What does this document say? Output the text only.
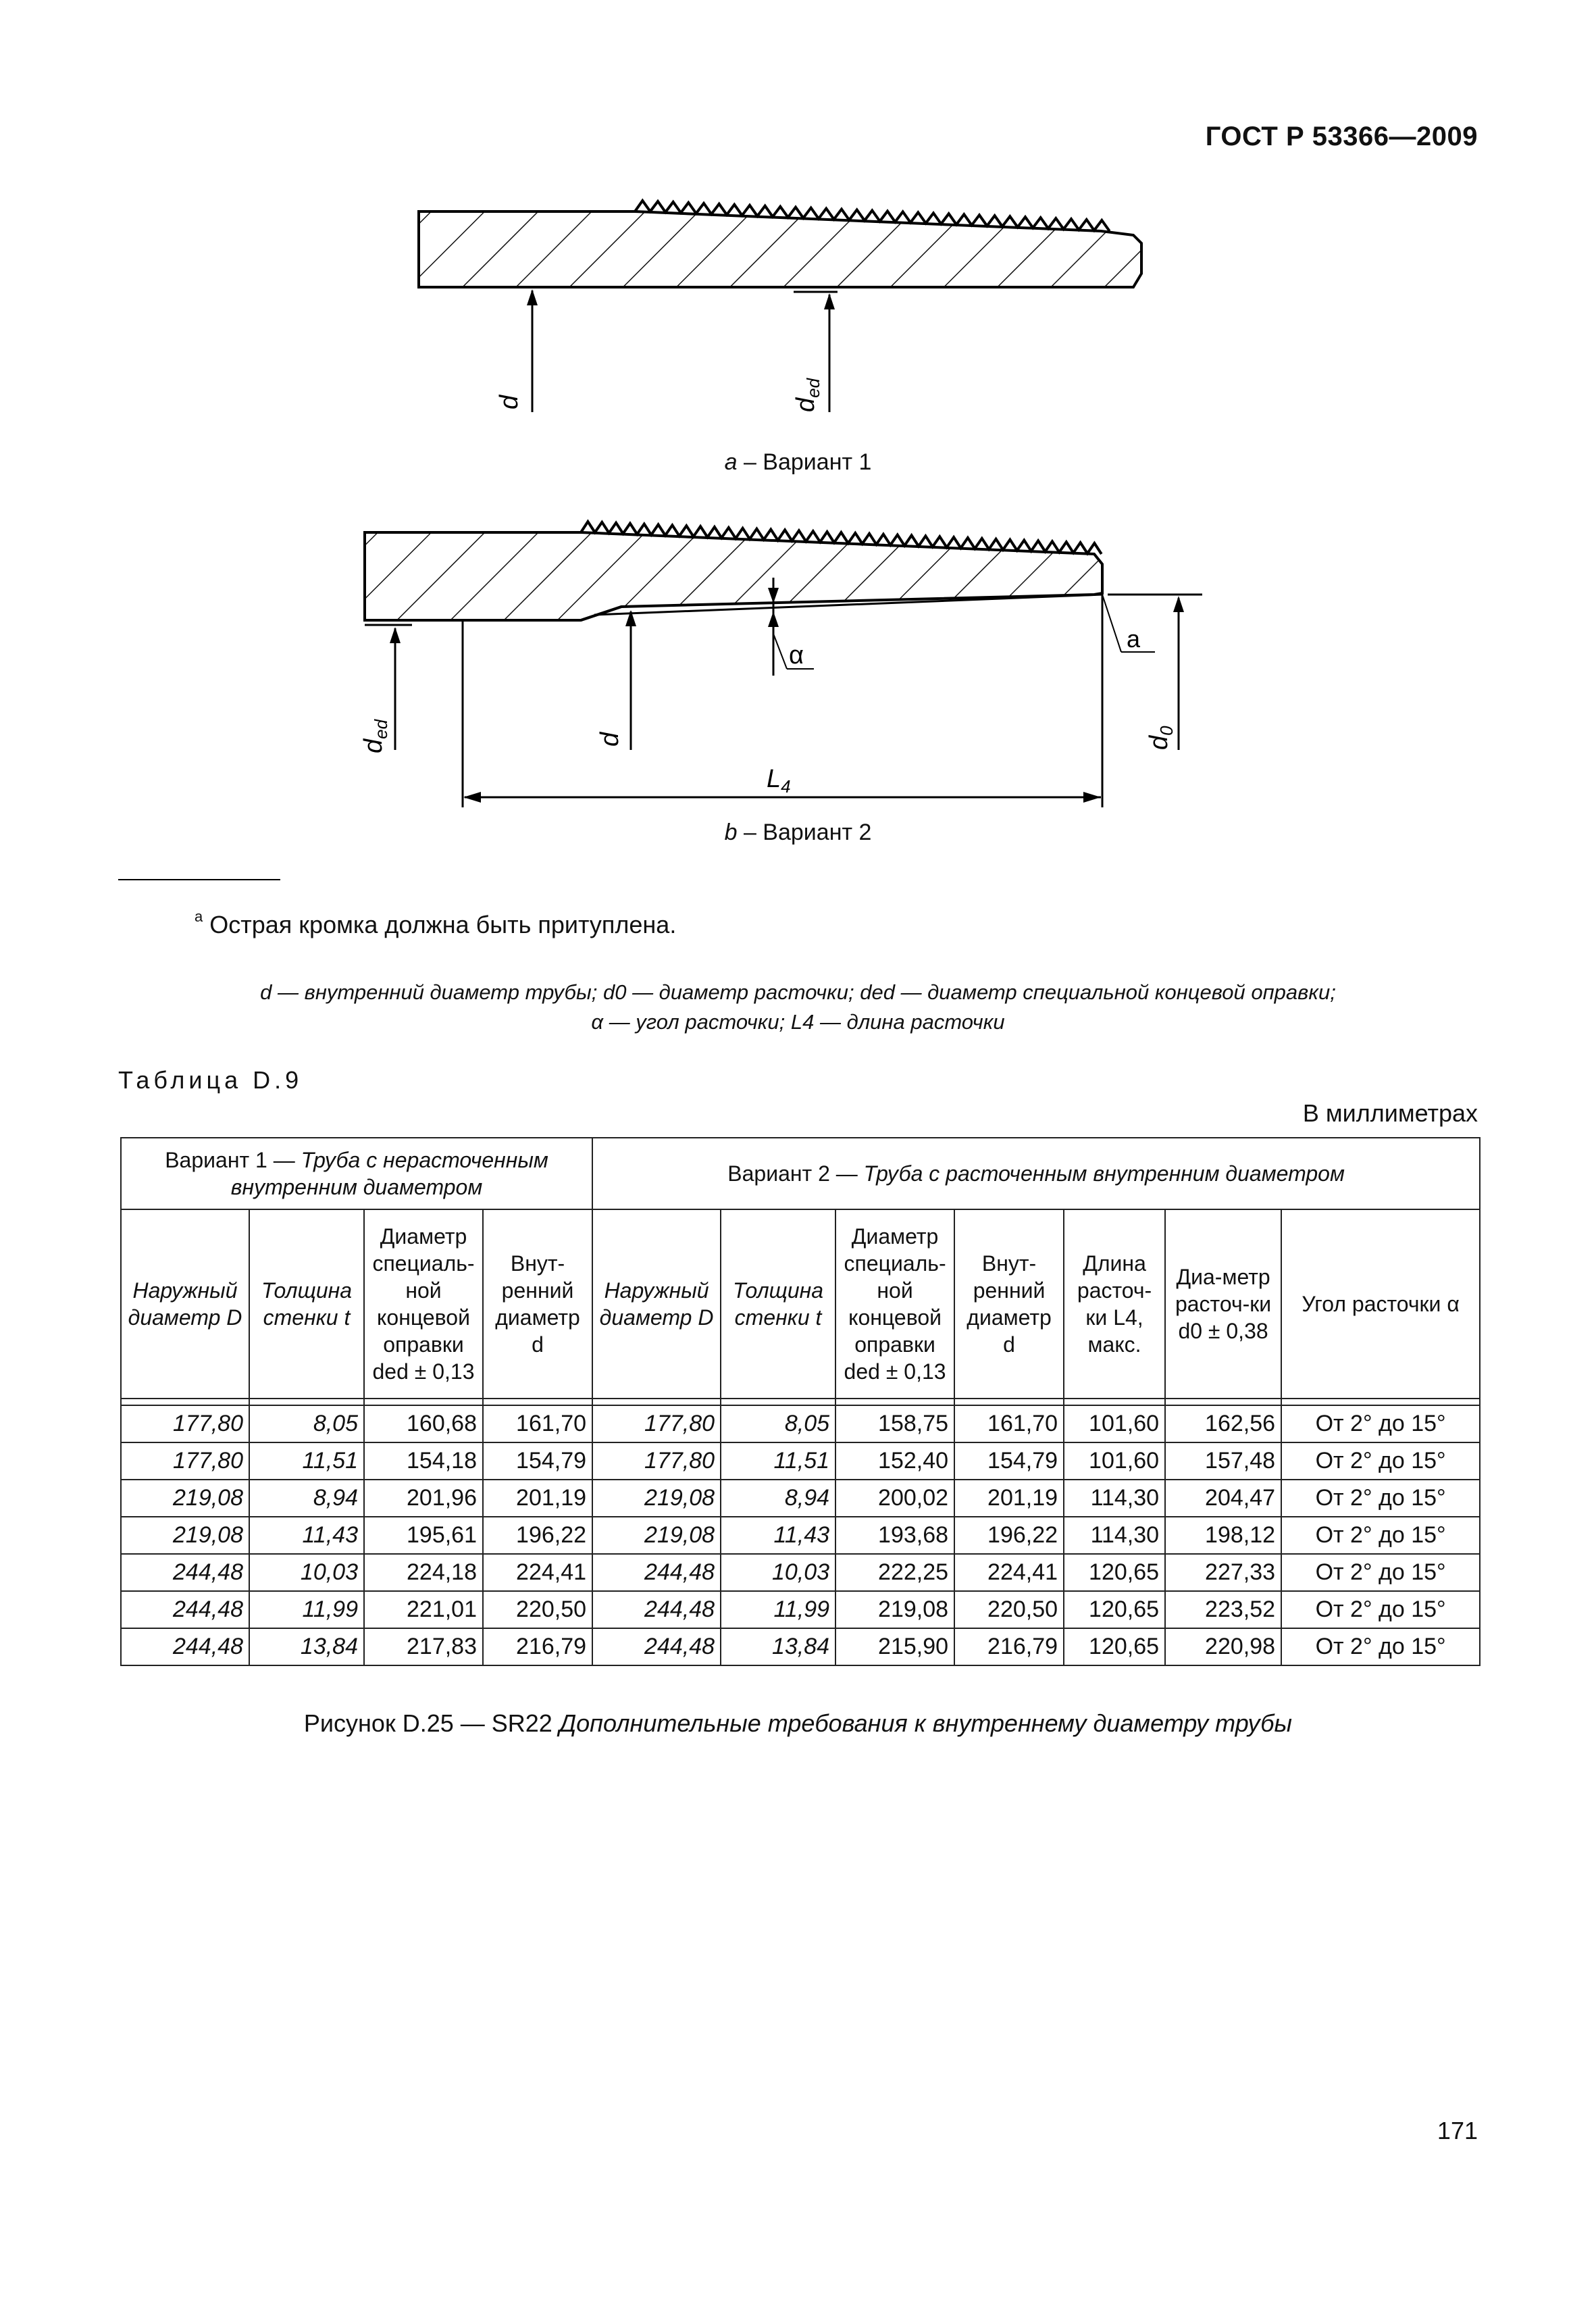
ГОСТ Р 53366—2009
d	$d_{ed}$
α
$d_{ed}$
d
$L_4$
$d_0$
a
a – Вариант 1
b – Вариант 2
$^a$ Острая кромка должна быть притуплена.
d — внутренний диаметр трубы; d0 — диаметр расточки; ded — диаметр специальной концевой оправки;
α — угол расточки; L4 — длина расточки
Таблица D.9
В миллиметрах
Вариант 1 — Труба с нерасточенным внутренним диаметром				Вариант 2 — Труба с расточенным внутренним диаметром						
Наружный диаметр D	Толщина стенки t	Диаметр специаль-ной концевой оправки ded ± 0,13	Внут-ренний диаметр d	Наружный диаметр D	Толщина стенки t	Диаметр специаль-ной концевой оправки ded ± 0,13	Внут-ренний диаметр d	Длина расточ-ки L4, макс.	Диа-метр расточ-ки d0 ± 0,38	Угол расточки α

177,80	8,05	160,68	161,70	177,80	8,05	158,75	161,70	101,60	162,56	От 2° до 15°
177,80	11,51	154,18	154,79	177,80	11,51	152,40	154,79	101,60	157,48	От 2° до 15°
219,08	8,94	201,96	201,19	219,08	8,94	200,02	201,19	114,30	204,47	От 2° до 15°
219,08	11,43	195,61	196,22	219,08	11,43	193,68	196,22	114,30	198,12	От 2° до 15°
244,48	10,03	224,18	224,41	244,48	10,03	222,25	224,41	120,65	227,33	От 2° до 15°
244,48	11,99	221,01	220,50	244,48	11,99	219,08	220,50	120,65	223,52	От 2° до 15°
244,48	13,84	217,83	216,79	244,48	13,84	215,90	216,79	120,65	220,98	От 2° до 15°
Рисунок D.25 — SR22 Дополнительные требования к внутреннему диаметру трубы
171
